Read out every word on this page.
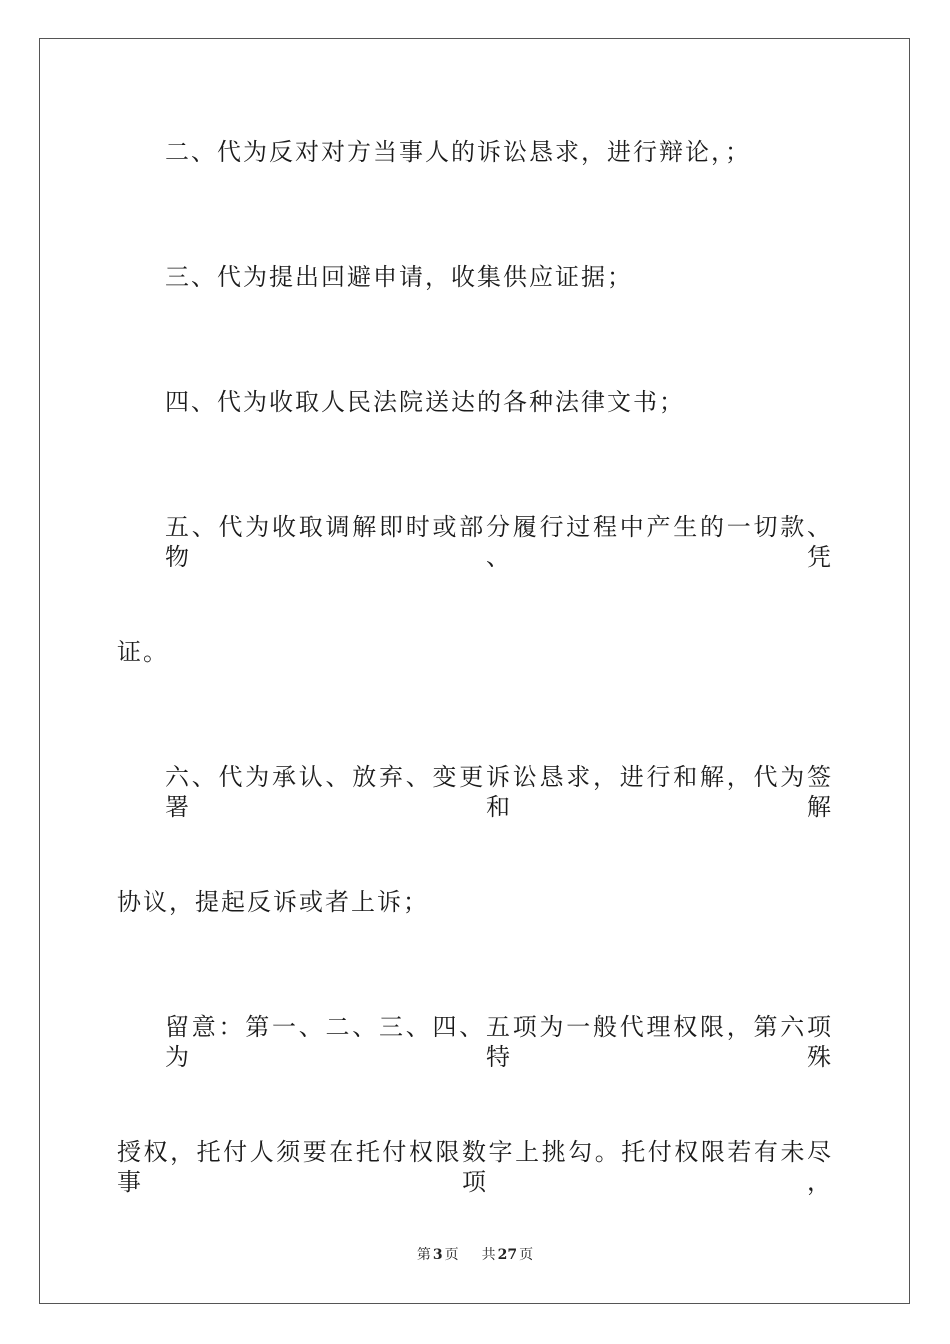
二、代为反对对方当事人的诉讼恳求，进行辩论，；
三、代为提出回避申请，收集供应证据；
四、代为收取人民法院送达的各种法律文书；
五、代为收取调解即时或部分履行过程中产生的一切款、物、凭
证。
六、代为承认、放弃、变更诉讼恳求，进行和解，代为签署和解
协议，提起反诉或者上诉；
留意：第一、二、三、四、五项为一般代理权限，第六项为特殊
授权，托付人须要在托付权限数字上挑勾。托付权限若有未尽事项，
第 3 页 共 27 页
